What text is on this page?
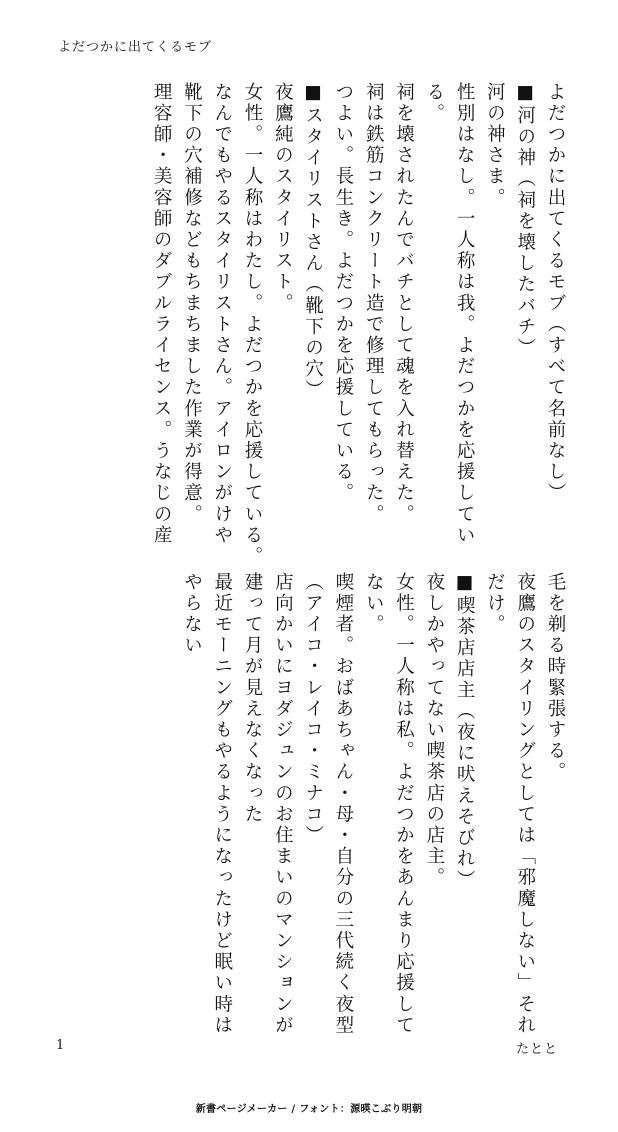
よだつかに出てくるモブ

よだつかに出てくるモブ（すべて名前なし）

■河の神（祠を壊したバチ）

河の神さま。

性別はなし。一人称は我。よだつかを応援してい

る。

祠を壊されたんでバチとして魂を入れ替えた。

祠は鉄筋コンクリート造で修理してもらった。

つよい。長生き。よだつかを応援している。

■スタイリストさん（靴下の穴）

夜鷹純のスタイリスト。

女性。一人称はわたし。よだつかを応援している。

なんでもやるスタイリストさん。アイロンがけや

靴下の穴補修などもちまちました作業が得意。

理容師・美容師のダブルライセンス。うなじの産

毛を剃る時緊張する。

夜鷹のスタイリングとしては「邪魔しない」それ

だけ。

■喫茶店店主（夜に吠えそびれ）

夜しかやってない喫茶店の店主。

女性。一人称は私。よだつかをあんまり応援して

ない。

喫煙者。おばあちゃん・母・自分の三代続く夜型

（アイコ・レイコ・ミナコ）

店向かいにヨダジュンのお住まいのマンションが

建って月が見えなくなった

最近モーニングもやるようになったけど眠い時は

やらない

1	たとと
新書ページメーカー / フォント：源暎こぶり明朝
